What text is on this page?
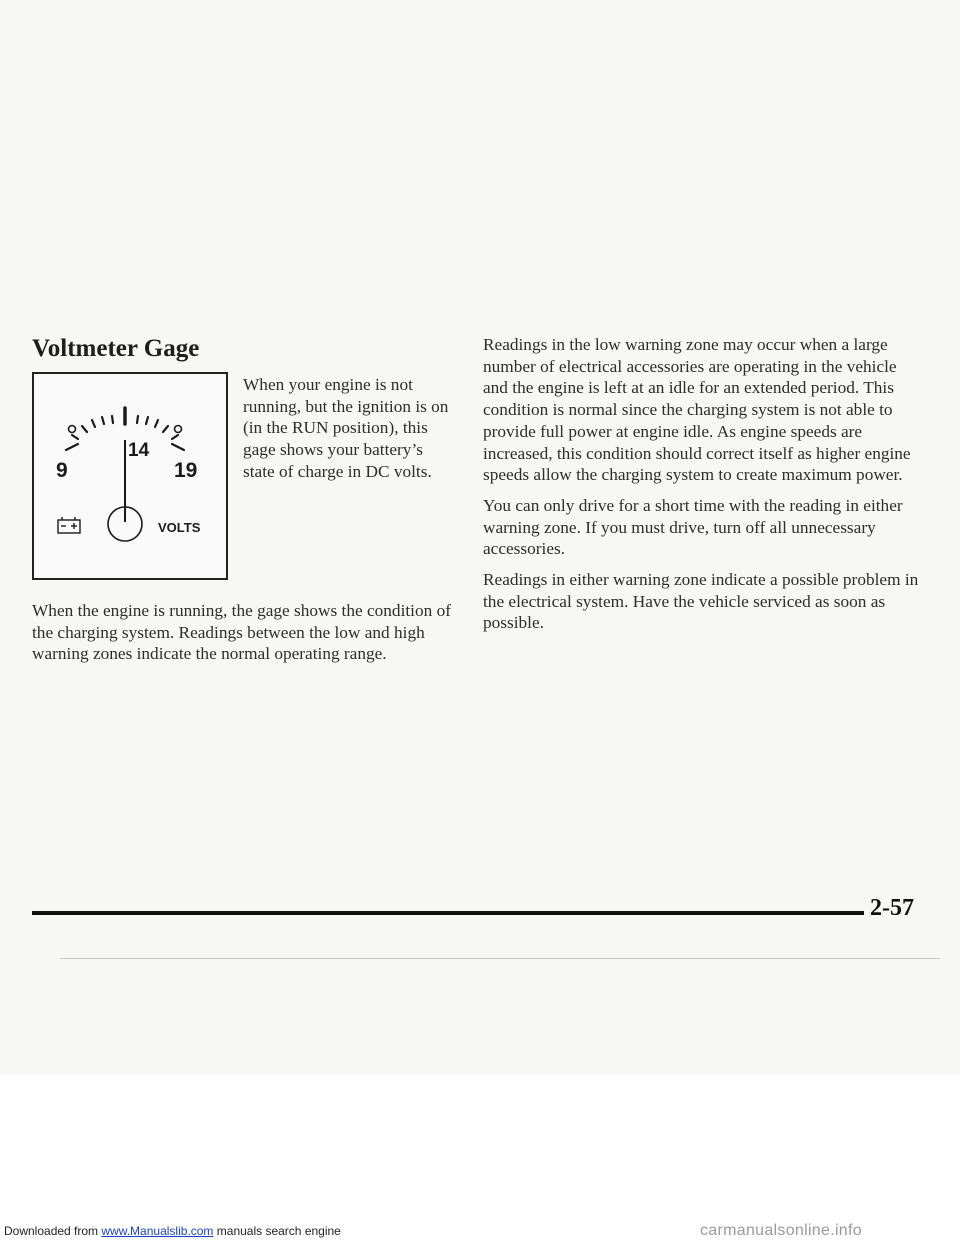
Voltmeter Gage
14
9	19
VOLTS

When your engine is not running, but the ignition is on (in the RUN position), this gage shows your battery’s state of charge in DC volts.

When the engine is running, the gage shows the condition of the charging system. Readings between the low and high warning zones indicate the normal operating range.

Readings in the low warning zone may occur when a large number of electrical accessories are operating in the vehicle and the engine is left at an idle for an extended period. This condition is normal since the charging system is not able to provide full power at engine idle. As engine speeds are increased, this condition should correct itself as higher engine speeds allow the charging system to create maximum power.

You can only drive for a short time with the reading in either warning zone. If you must drive, turn off all unnecessary accessories.

Readings in either warning zone indicate a possible problem in the electrical system. Have the vehicle serviced as soon as possible.

2-57
Downloaded from www.Manualslib.com manuals search engine	carmanualsonline.info
